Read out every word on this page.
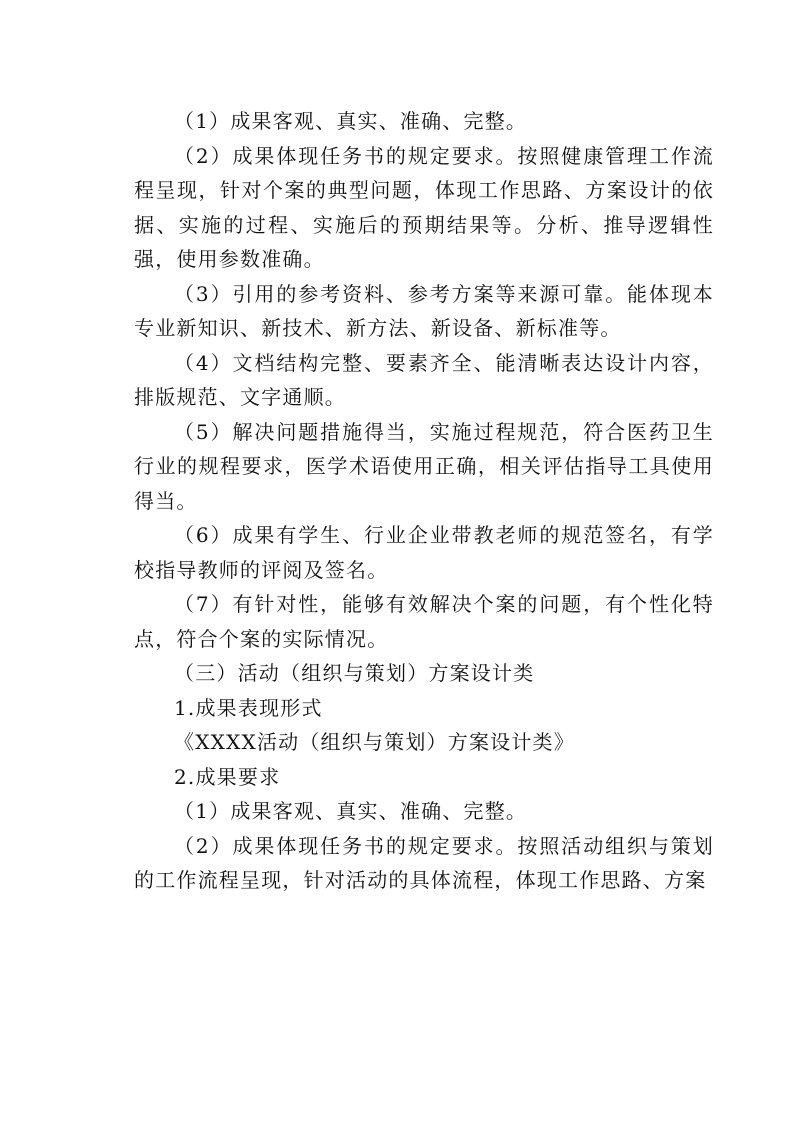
（1）成果客观、真实、准确、完整。

（2）成果体现任务书的规定要求。按照健康管理工作流程呈现，针对个案的典型问题，体现工作思路、方案设计的依据、实施的过程、实施后的预期结果等。分析、推导逻辑性强，使用参数准确。

（3）引用的参考资料、参考方案等来源可靠。能体现本专业新知识、新技术、新方法、新设备、新标准等。

（4）文档结构完整、要素齐全、能清晰表达设计内容，排版规范、文字通顺。

（5）解决问题措施得当，实施过程规范，符合医药卫生行业的规程要求，医学术语使用正确，相关评估指导工具使用得当。

（6）成果有学生、行业企业带教老师的规范签名，有学校指导教师的评阅及签名。

（7）有针对性，能够有效解决个案的问题，有个性化特点，符合个案的实际情况。

（三）活动（组织与策划）方案设计类

1.成果表现形式

《XXXX活动（组织与策划）方案设计类》

2.成果要求

（1）成果客观、真实、准确、完整。

（2）成果体现任务书的规定要求。按照活动组织与策划的工作流程呈现，针对活动的具体流程，体现工作思路、方案
